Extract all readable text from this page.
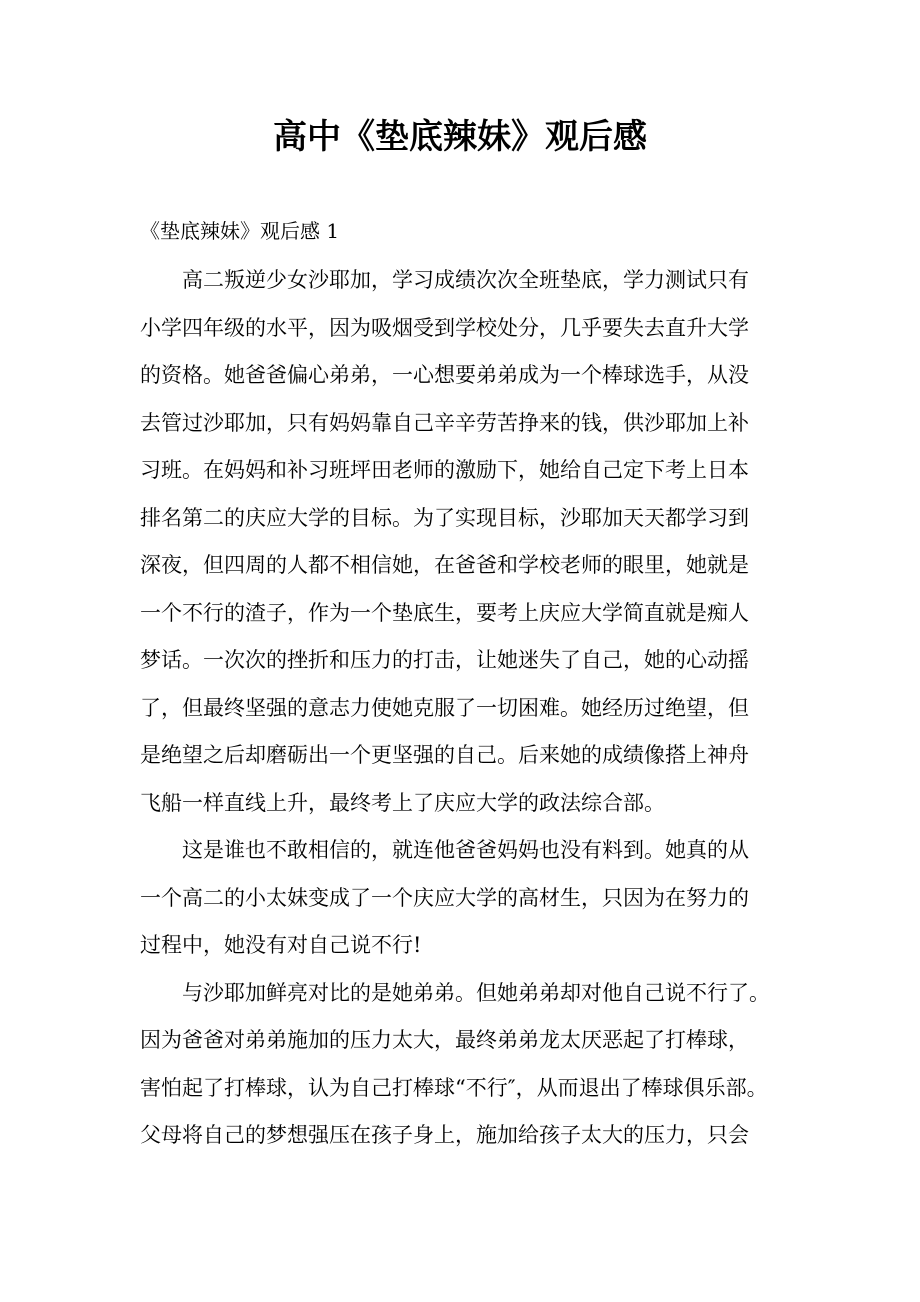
高中《垫底辣妹》观后感

《垫底辣妹》观后感 1

高二叛逆少女沙耶加，学习成绩次次全班垫底，学力测试只有

小学四年级的水平，因为吸烟受到学校处分，几乎要失去直升大学

的资格。她爸爸偏心弟弟，一心想要弟弟成为一个棒球选手，从没

去管过沙耶加，只有妈妈靠自己辛辛劳苦挣来的钱，供沙耶加上补

习班。在妈妈和补习班坪田老师的激励下，她给自己定下考上日本

排名第二的庆应大学的目标。为了实现目标，沙耶加天天都学习到

深夜，但四周的人都不相信她，在爸爸和学校老师的眼里，她就是

一个不行的渣子，作为一个垫底生，要考上庆应大学简直就是痴人

梦话。一次次的挫折和压力的打击，让她迷失了自己，她的心动摇

了，但最终坚强的意志力使她克服了一切困难。她经历过绝望，但

是绝望之后却磨砺出一个更坚强的自己。后来她的成绩像搭上神舟

飞船一样直线上升，最终考上了庆应大学的政法综合部。

这是谁也不敢相信的，就连他爸爸妈妈也没有料到。她真的从

一个高二的小太妹变成了一个庆应大学的高材生，只因为在努力的

过程中，她没有对自己说不行!

与沙耶加鲜亮对比的是她弟弟。但她弟弟却对他自己说不行了。

因为爸爸对弟弟施加的压力太大，最终弟弟龙太厌恶起了打棒球，

害怕起了打棒球，认为自己打棒球“不行″，从而退出了棒球俱乐部。

父母将自己的梦想强压在孩子身上，施加给孩子太大的压力，只会
